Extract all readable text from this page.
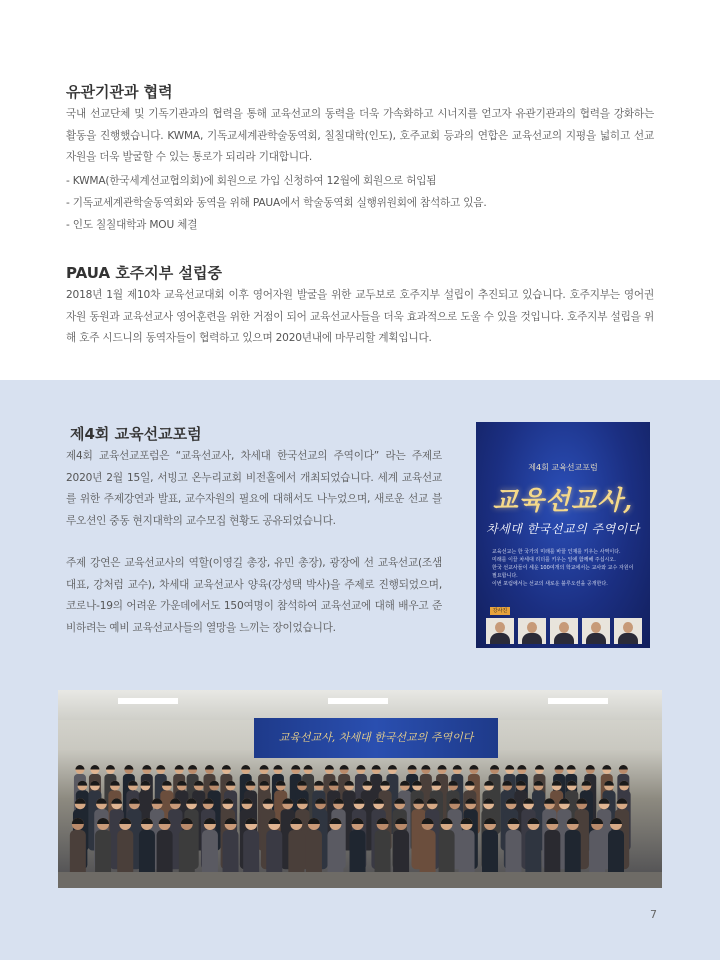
유관기관과 협력

국내 선교단체 및 기독기관과의 협력을 통해 교육선교의 동력을 더욱 가속화하고 시너지를 얻고자 유관기관과의 협력을 강화하는 활동을 진행했습니다. KWMA, 기독교세계관학술동역회, 칠칠대학(인도), 호주교회 등과의 연합은 교육선교의 지평을 넓히고 선교자원을 더욱 발굴할 수 있는 통로가 되리라 기대합니다.

- KWMA(한국세계선교협의회)에 회원으로 가입 신청하여 12월에 회원으로 허입됨
- 기독교세계관학술동역회와 동역을 위해 PAUA에서 학술동역회 실행위원회에 참석하고 있음.
- 인도 칠칠대학과 MOU 체결
PAUA 호주지부 설립중

2018년 1월 제10차 교육선교대회 이후 영어자원 발굴을 위한 교두보로 호주지부 설립이 추진되고 있습니다. 호주지부는 영어권 자원 동원과 교육선교사 영어훈련을 위한 거점이 되어 교육선교사들을 더욱 효과적으로 도울 수 있을 것입니다. 호주지부 설립을 위해 호주 시드니의 동역자들이 협력하고 있으며 2020년내에 마무리할 계획입니다.

제4회 교육선교포럼

제4회 교육선교포럼은 “교육선교사, 차세대 한국선교의 주역이다” 라는 주제로 2020년 2월 15일, 서빙고 온누리교회 비전홀에서 개최되었습니다. 세계 교육선교를 위한 주제강연과 발표, 교수자원의 필요에 대해서도 나누었으며, 새로운 선교 블루오션인 중동 현지대학의 교수모집 현황도 공유되었습니다.

주제 강연은 교육선교사의 역할(이영길 총장, 유민 총장), 광장에 선 교육선교(조샘 대표, 강처럼 교수), 차세대 교육선교사 양육(강성택 박사)을 주제로 진행되었으며, 코로나-19의 어려운 가운데에서도 150여명이 참석하여 교육선교에 대해 배우고 준비하려는 예비 교육선교사들의 열망을 느끼는 장이었습니다.

제4회 교육선교포럼
교육선교사,
차세대 한국선교의 주역이다
교육선교는 한 국가의 미래를 바꿀 인재를 키우는 사역이다.
미래를 이끌 차세대 리더를 키우는 일에 함께해 주십시오.
한국 선교사들이 세운 100여개의 학교에서는 교사와 교수 자원이 필요합니다.
이번 포럼에서는 선교의 새로운 블루오션을 공개한다.
강사진
교육선교사, 차세대 한국선교의 주역이다
7
